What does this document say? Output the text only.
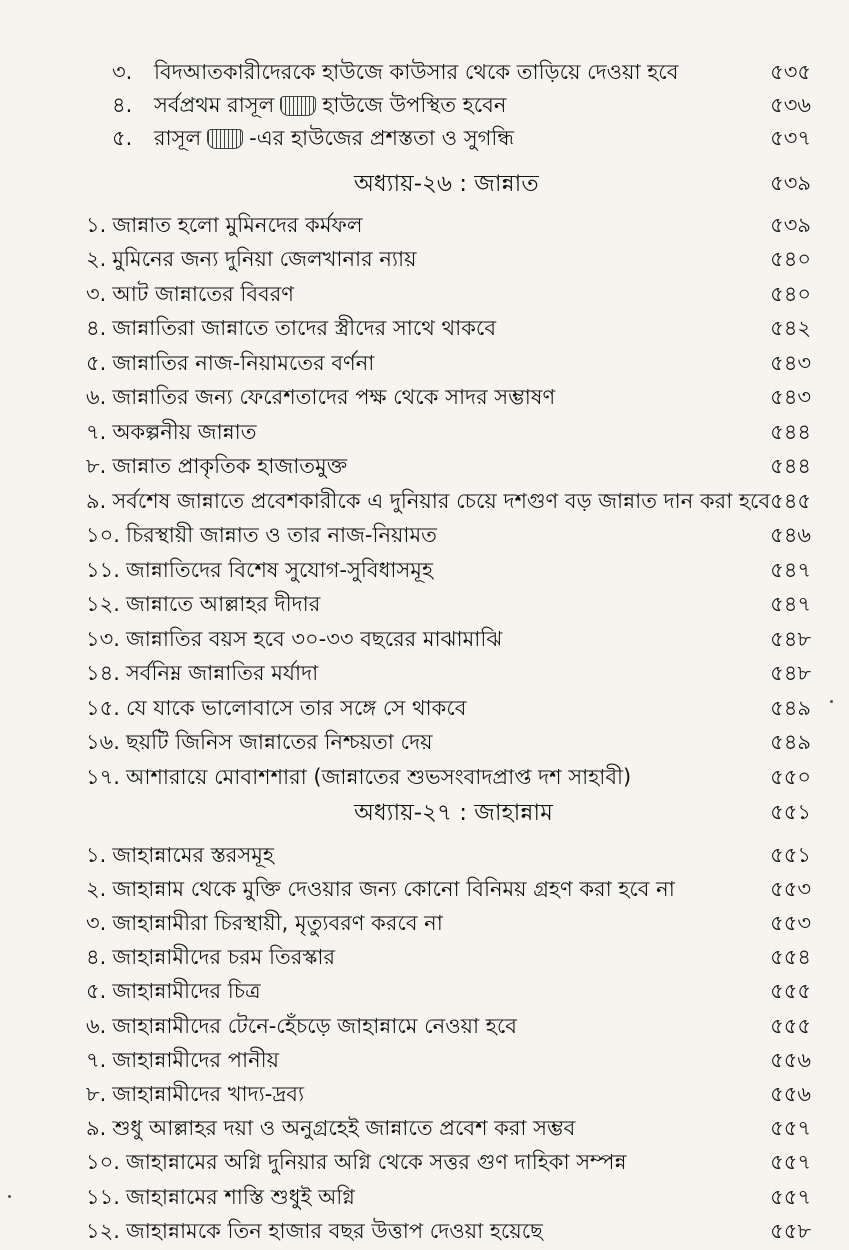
৩.	বিদআতকারীদেরকে হাউজে কাউসার থেকে তাড়িয়ে দেওয়া হবে	৫৩৫
৪.	সর্বপ্রথম রাসূল হাউজে উপস্থিত হবেন	৫৩৬
৫.	রাসূল -এর হাউজের প্রশস্ততা ও সুগন্ধি	৫৩৭
অধ্যায়-২৬ : জান্নাত	৫৩৯
১. জান্নাত হলো মুমিনদের কর্মফল	৫৩৯
২. মুমিনের জন্য দুনিয়া জেলখানার ন্যায়	৫৪০
৩. আট জান্নাতের বিবরণ	৫৪০
৪. জান্নাতিরা জান্নাতে তাদের স্ত্রীদের সাথে থাকবে	৫৪২
৫. জান্নাতির নাজ-নিয়ামতের বর্ণনা	৫৪৩
৬. জান্নাতির জন্য ফেরেশতাদের পক্ষ থেকে সাদর সম্ভাষণ	৫৪৩
৭. অকল্পনীয় জান্নাত	৫৪৪
৮. জান্নাত প্রাকৃতিক হাজাতমুক্ত	৫৪৪
৯. সর্বশেষ জান্নাতে প্রবেশকারীকে এ দুনিয়ার চেয়ে দশগুণ বড় জান্নাত দান করা হবে ৫৪৫
১০. চিরস্থায়ী জান্নাত ও তার নাজ-নিয়ামত	৫৪৬
১১. জান্নাতিদের বিশেষ সুযোগ-সুবিধাসমূহ	৫৪৭
১২. জান্নাতে আল্লাহর দীদার	৫৪৭
১৩. জান্নাতির বয়স হবে ৩০-৩৩ বছরের মাঝামাঝি	৫৪৮
১৪. সর্বনিম্ন জান্নাতির মর্যাদা	৫৪৮
১৫. যে যাকে ভালোবাসে তার সঙ্গে সে থাকবে	৫৪৯
১৬. ছয়টি জিনিস জান্নাতের নিশ্চয়তা দেয়	৫৪৯
১৭. আশারায়ে মোবাশশারা (জান্নাতের শুভসংবাদপ্রাপ্ত দশ সাহাবী)	৫৫০
অধ্যায়-২৭ : জাহান্নাম	৫৫১
১. জাহান্নামের স্তরসমূহ	৫৫১
২. জাহান্নাম থেকে মুক্তি দেওয়ার জন্য কোনো বিনিময় গ্রহণ করা হবে না	৫৫৩
৩. জাহান্নামীরা চিরস্থায়ী, মৃত্যুবরণ করবে না	৫৫৩
৪. জাহান্নামীদের চরম তিরস্কার	৫৫৪
৫. জাহান্নামীদের চিত্র	৫৫৫
৬. জাহান্নামীদের টেনে-হেঁচড়ে জাহান্নামে নেওয়া হবে	৫৫৫
৭. জাহান্নামীদের পানীয়	৫৫৬
৮. জাহান্নামীদের খাদ্য-দ্রব্য	৫৫৬
৯. শুধু আল্লাহর দয়া ও অনুগ্রহেই জান্নাতে প্রবেশ করা সম্ভব	৫৫৭
১০. জাহান্নামের অগ্নি দুনিয়ার অগ্নি থেকে সত্তর গুণ দাহিকা সম্পন্ন	৫৫৭
১১. জাহান্নামের শাস্তি শুধুই অগ্নি	৫৫৭
১২. জাহান্নামকে তিন হাজার বছর উত্তাপ দেওয়া হয়েছে	৫৫৮
